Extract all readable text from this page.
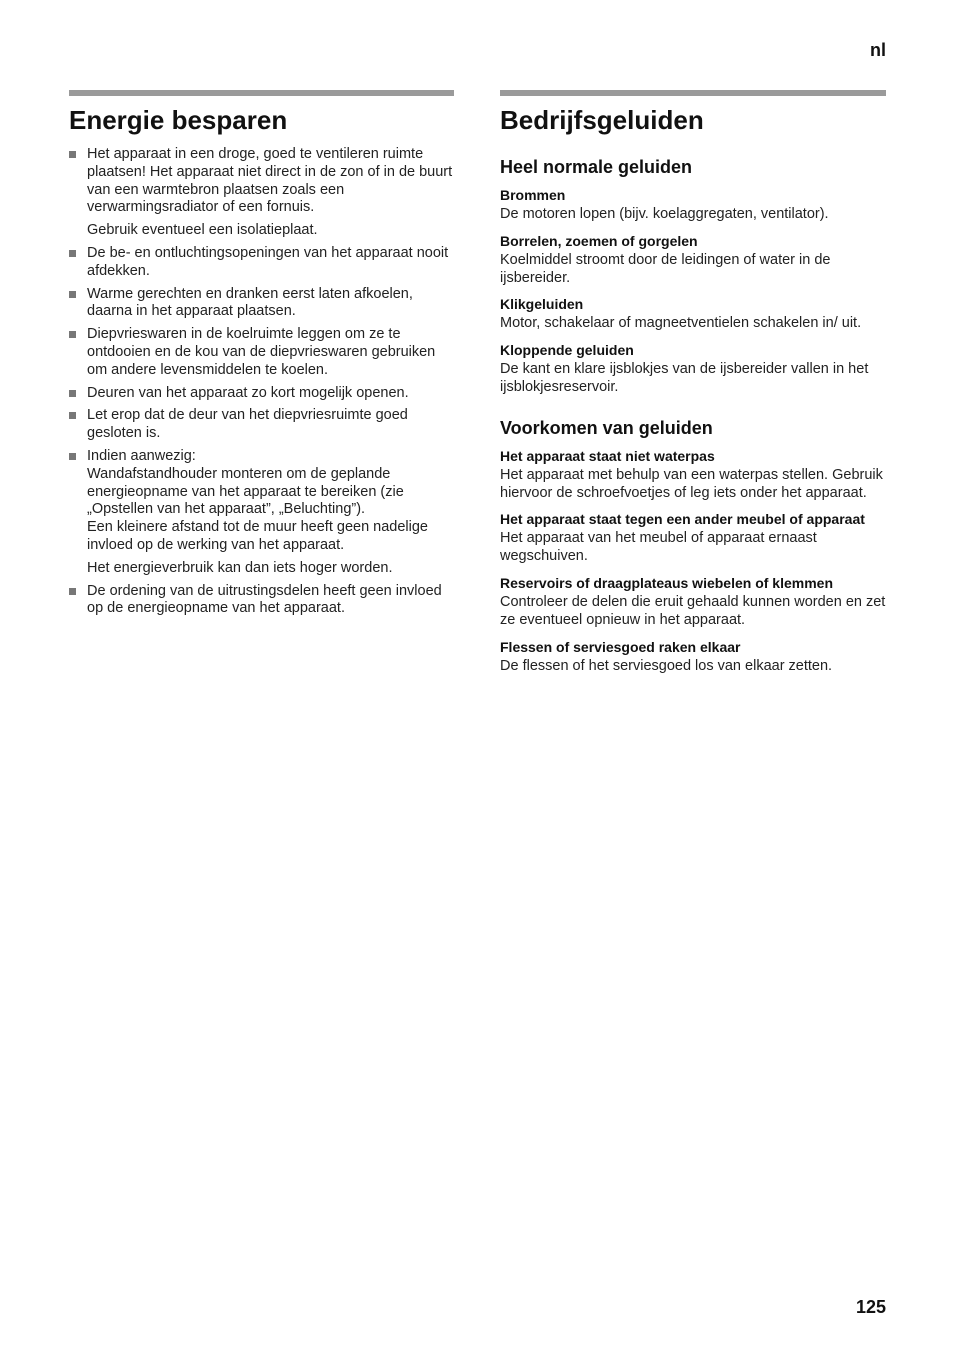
nl
Energie besparen
Het apparaat in een droge, goed te ventileren ruimte plaatsen! Het apparaat niet direct in de zon of in de buurt van een warmtebron plaatsen zoals een verwarmingsradiator of een fornuis.
Gebruik eventueel een isolatieplaat.
De be- en ontluchtingsopeningen van het apparaat nooit afdekken.
Warme gerechten en dranken eerst laten afkoelen, daarna in het apparaat plaatsen.
Diepvrieswaren in de koelruimte leggen om ze te ontdooien en de kou van de diepvrieswaren gebruiken om andere levensmiddelen te koelen.
Deuren van het apparaat zo kort mogelijk openen.
Let erop dat de deur van het diepvriesruimte goed gesloten is.
Indien aanwezig:
Wandafstandhouder monteren om de geplande energieopname van het apparaat te bereiken (zie „Opstellen van het apparaat”, „Beluchting”).
Een kleinere afstand tot de muur heeft geen nadelige invloed op de werking van het apparaat.
Het energieverbruik kan dan iets hoger worden.
De ordening van de uitrustingsdelen heeft geen invloed op de energieopname van het apparaat.
Bedrijfsgeluiden
Heel normale geluiden
Brommen

De motoren lopen (bijv. koelaggregaten, ventilator).

Borrelen, zoemen of gorgelen

Koelmiddel stroomt door de leidingen of water in de ijsbereider.

Klikgeluiden

Motor, schakelaar of magneetventielen schakelen in/ uit.

Kloppende geluiden

De kant en klare ijsblokjes van de ijsbereider vallen in het ijsblokjesreservoir.

Voorkomen van geluiden
Het apparaat staat niet waterpas

Het apparaat met behulp van een waterpas stellen. Gebruik hiervoor de schroefvoetjes of leg iets onder het apparaat.

Het apparaat staat tegen een ander meubel of apparaat

Het apparaat van het meubel of apparaat ernaast wegschuiven.

Reservoirs of draagplateaus wiebelen of klemmen

Controleer de delen die eruit gehaald kunnen worden en zet ze eventueel opnieuw in het apparaat.

Flessen of serviesgoed raken elkaar

De flessen of het serviesgoed los van elkaar zetten.

125
